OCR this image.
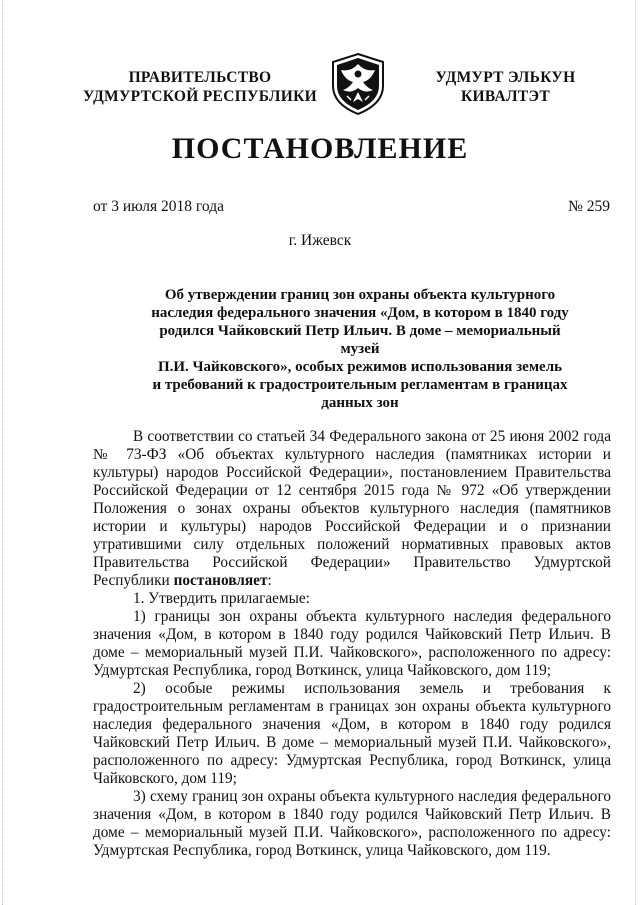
ПРАВИТЕЛЬСТВО
УДМУРТСКОЙ РЕСПУБЛИКИ
УДМУРТ ЭЛЬКУН
КИВАЛТЭТ
ПОСТАНОВЛЕНИЕ
от 3 июля 2018 года	№ 259
г. Ижевск
Об утверждении границ зон охраны объекта культурного
наследия федерального значения «Дом, в котором в 1840 году
родился Чайковский Петр Ильич. В доме – мемориальный музей
П.И. Чайковского», особых режимов использования земель
и требований к градостроительным регламентам в границах
данных зон

В соответствии со статьей 34 Федерального закона от 25 июня 2002 года № 73-ФЗ «Об объектах культурного наследия (памятниках истории и культуры) народов Российской Федерации», постановлением Правительства Российской Федерации от 12 сентября 2015 года № 972 «Об утверждении Положения о зонах охраны объектов культурного наследия (памятников истории и культуры) народов Российской Федерации и о признании утратившими силу отдельных положений нормативных правовых актов Правительства Российской Федерации» Правительство Удмуртской Республики постановляет:

1. Утвердить прилагаемые:

1) границы зон охраны объекта культурного наследия федерального значения «Дом, в котором в 1840 году родился Чайковский Петр Ильич. В доме – мемориальный музей П.И. Чайковского», расположенного по адресу: Удмуртская Республика, город Воткинск, улица Чайковского, дом 119;

2) особые режимы использования земель и требования к градостроительным регламентам в границах зон охраны объекта культурного наследия федерального значения «Дом, в котором в 1840 году родился Чайковский Петр Ильич. В доме – мемориальный музей П.И. Чайковского», расположенного по адресу: Удмуртская Республика, город Воткинск, улица Чайковского, дом 119;

3) схему границ зон охраны объекта культурного наследия федерального значения «Дом, в котором в 1840 году родился Чайковский Петр Ильич. В доме – мемориальный музей П.И. Чайковского», расположенного по адресу: Удмуртская Республика, город Воткинск, улица Чайковского, дом 119.
